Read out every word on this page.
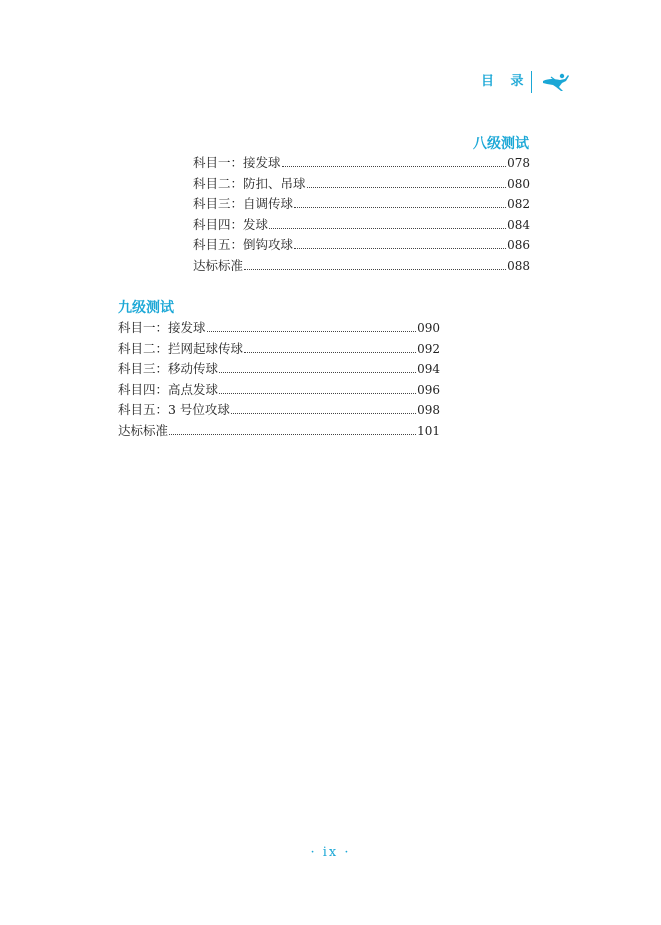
目 录
八级测试
科目一：接发球	078
科目二：防扣、吊球	080
科目三：自调传球	082
科目四：发球	084
科目五：倒钩攻球	086
达标标准	088
九级测试
科目一：接发球	090
科目二：拦网起球传球	092
科目三：移动传球	094
科目四：高点发球	096
科目五：3 号位攻球	098
达标标准	101
· ix ·
